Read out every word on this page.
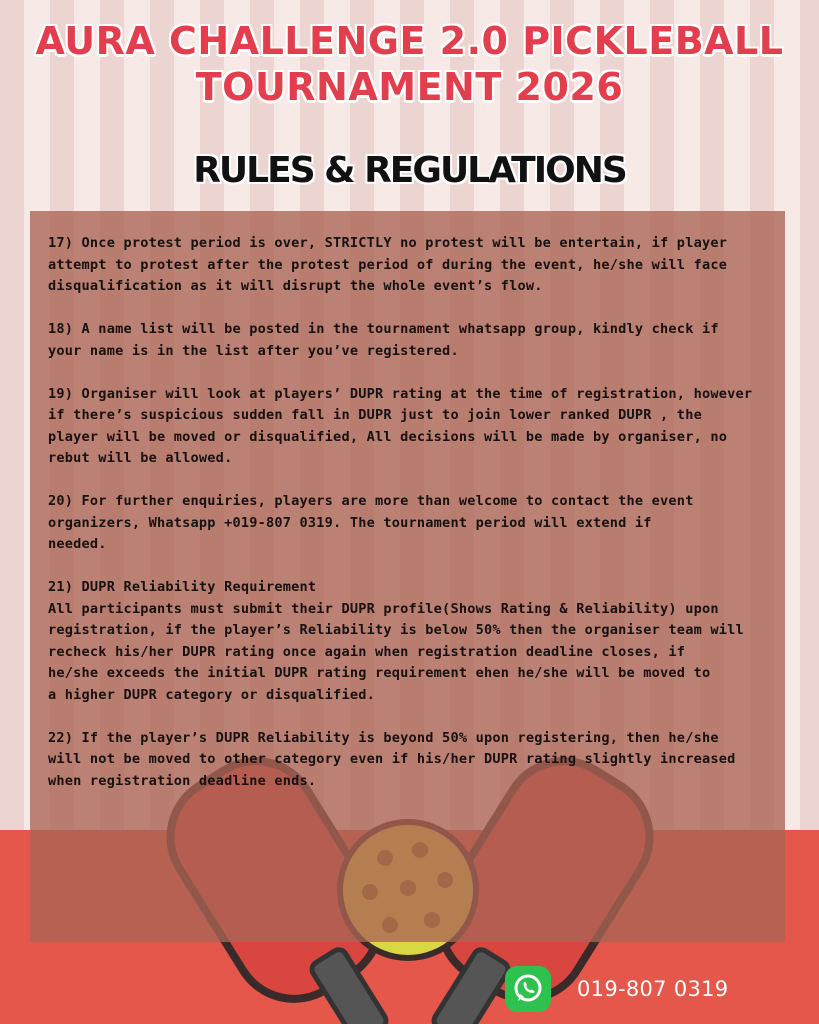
AURA CHALLENGE 2.0 PICKLEBALL
TOURNAMENT 2026
RULES & REGULATIONS

17) Once protest period is over, STRICTLY no protest will be entertain, if player
attempt to protest after the protest period of during the event, he/she will face
disqualification as it will disrupt the whole event’s flow.

18) A name list will be posted in the tournament whatsapp group, kindly check if
your name is in the list after you’ve registered.

19) Organiser will look at players’ DUPR rating at the time of registration, however
if there’s suspicious sudden fall in DUPR just to join lower ranked DUPR , the
player will be moved or disqualified, All decisions will be made by organiser, no
rebut will be allowed.

20) For further enquiries, players are more than welcome to contact the event
organizers, Whatsapp +019-807 0319. The tournament period will extend if
needed.

21) DUPR Reliability Requirement
All participants must submit their DUPR profile(Shows Rating & Reliability) upon
registration, if the player’s Reliability is below 50% then the organiser team will
recheck his/her DUPR rating once again when registration deadline closes, if
he/she exceeds the initial DUPR rating requirement ehen he/she will be moved to
a higher DUPR category or disqualified.

22) If the player’s DUPR Reliability is beyond 50% upon registering, then he/she
will not be moved to other category even if his/her DUPR rating slightly increased
when registration deadline ends.

019-807 0319
